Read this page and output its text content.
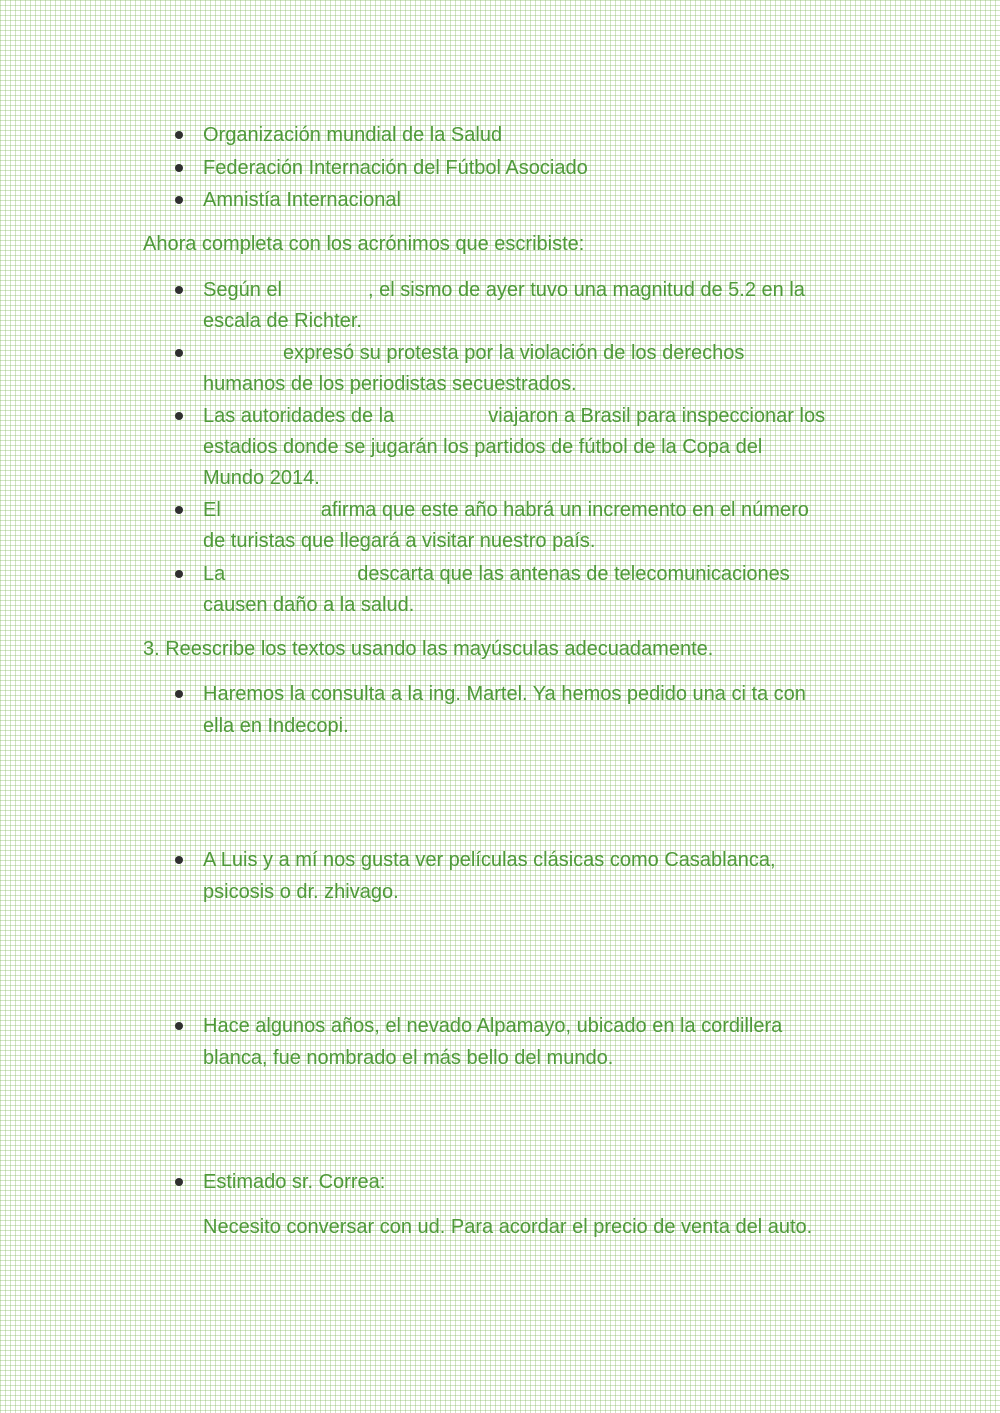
Organización mundial de la Salud
Federación Internación del Fútbol Asociado
Amnistía Internacional
Ahora completa con los acrónimos que escribiste:
Según el	, el sismo de ayer tuvo una magnitud de 5.2 en la
escala de Richter.
expresó su protesta por la violación de los derechos
humanos de los periodistas secuestrados.
Las autoridades de la	viajaron a Brasil para inspeccionar los
estadios donde se jugarán los partidos de fútbol de la Copa del
Mundo 2014.
El	afirma que este año habrá un incremento en el número
de turistas que llegará a visitar nuestro país.
La	descarta que las antenas de telecomunicaciones
causen daño a la salud.
3. Reescribe los textos usando las mayúsculas adecuadamente.
Haremos la consulta a la ing. Martel. Ya hemos pedido una ci ta con
ella en Indecopi.
A Luis y a mí nos gusta ver películas clásicas como Casablanca,
psicosis o dr. zhivago.
Hace algunos años, el nevado Alpamayo, ubicado en la cordillera
blanca, fue nombrado el más bello del mundo.
Estimado sr. Correa:
Necesito conversar con ud. Para acordar el precio de venta del auto.
